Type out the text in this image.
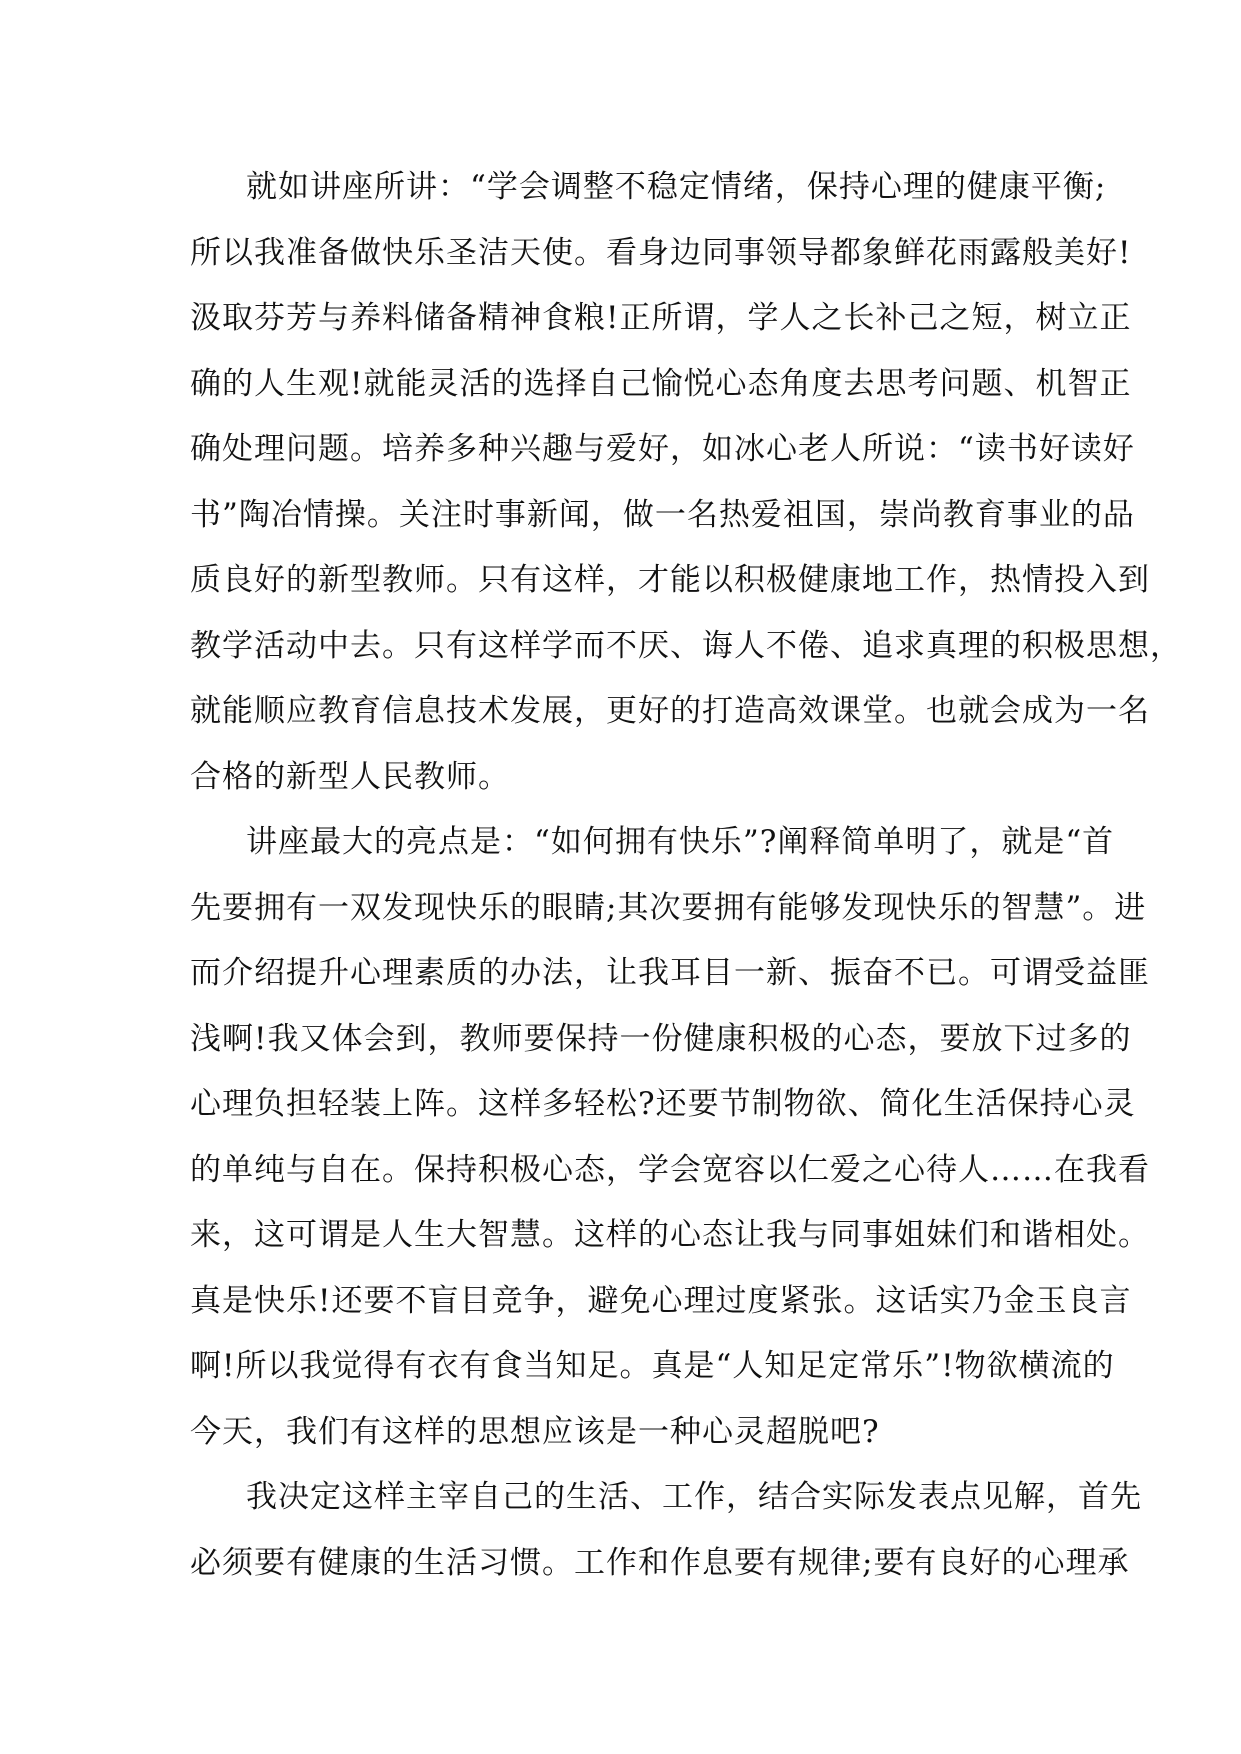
就如讲座所讲：“学会调整不稳定情绪，保持心理的健康平衡;
所以我准备做快乐圣洁天使。看身边同事领导都象鲜花雨露般美好!
汲取芬芳与养料储备精神食粮!正所谓，学人之长补己之短，树立正
确的人生观!就能灵活的选择自己愉悦心态角度去思考问题、机智正
确处理问题。培养多种兴趣与爱好，如冰心老人所说：“读书好读好
书”陶冶情操。关注时事新闻，做一名热爱祖国，崇尚教育事业的品
质良好的新型教师。只有这样，才能以积极健康地工作，热情投入到
教学活动中去。只有这样学而不厌、诲人不倦、追求真理的积极思想，
就能顺应教育信息技术发展，更好的打造高效课堂。也就会成为一名
合格的新型人民教师。
讲座最大的亮点是：“如何拥有快乐”?阐释简单明了，就是“首
先要拥有一双发现快乐的眼睛;其次要拥有能够发现快乐的智慧”。进
而介绍提升心理素质的办法，让我耳目一新、振奋不已。可谓受益匪
浅啊!我又体会到，教师要保持一份健康积极的心态，要放下过多的
心理负担轻装上阵。这样多轻松?还要节制物欲、简化生活保持心灵
的单纯与自在。保持积极心态，学会宽容以仁爱之心待人……在我看
来，这可谓是人生大智慧。这样的心态让我与同事姐妹们和谐相处。
真是快乐!还要不盲目竞争，避免心理过度紧张。这话实乃金玉良言
啊!所以我觉得有衣有食当知足。真是“人知足定常乐”!物欲横流的
今天，我们有这样的思想应该是一种心灵超脱吧?
我决定这样主宰自己的生活、工作，结合实际发表点见解，首先
必须要有健康的生活习惯。工作和作息要有规律;要有良好的心理承
